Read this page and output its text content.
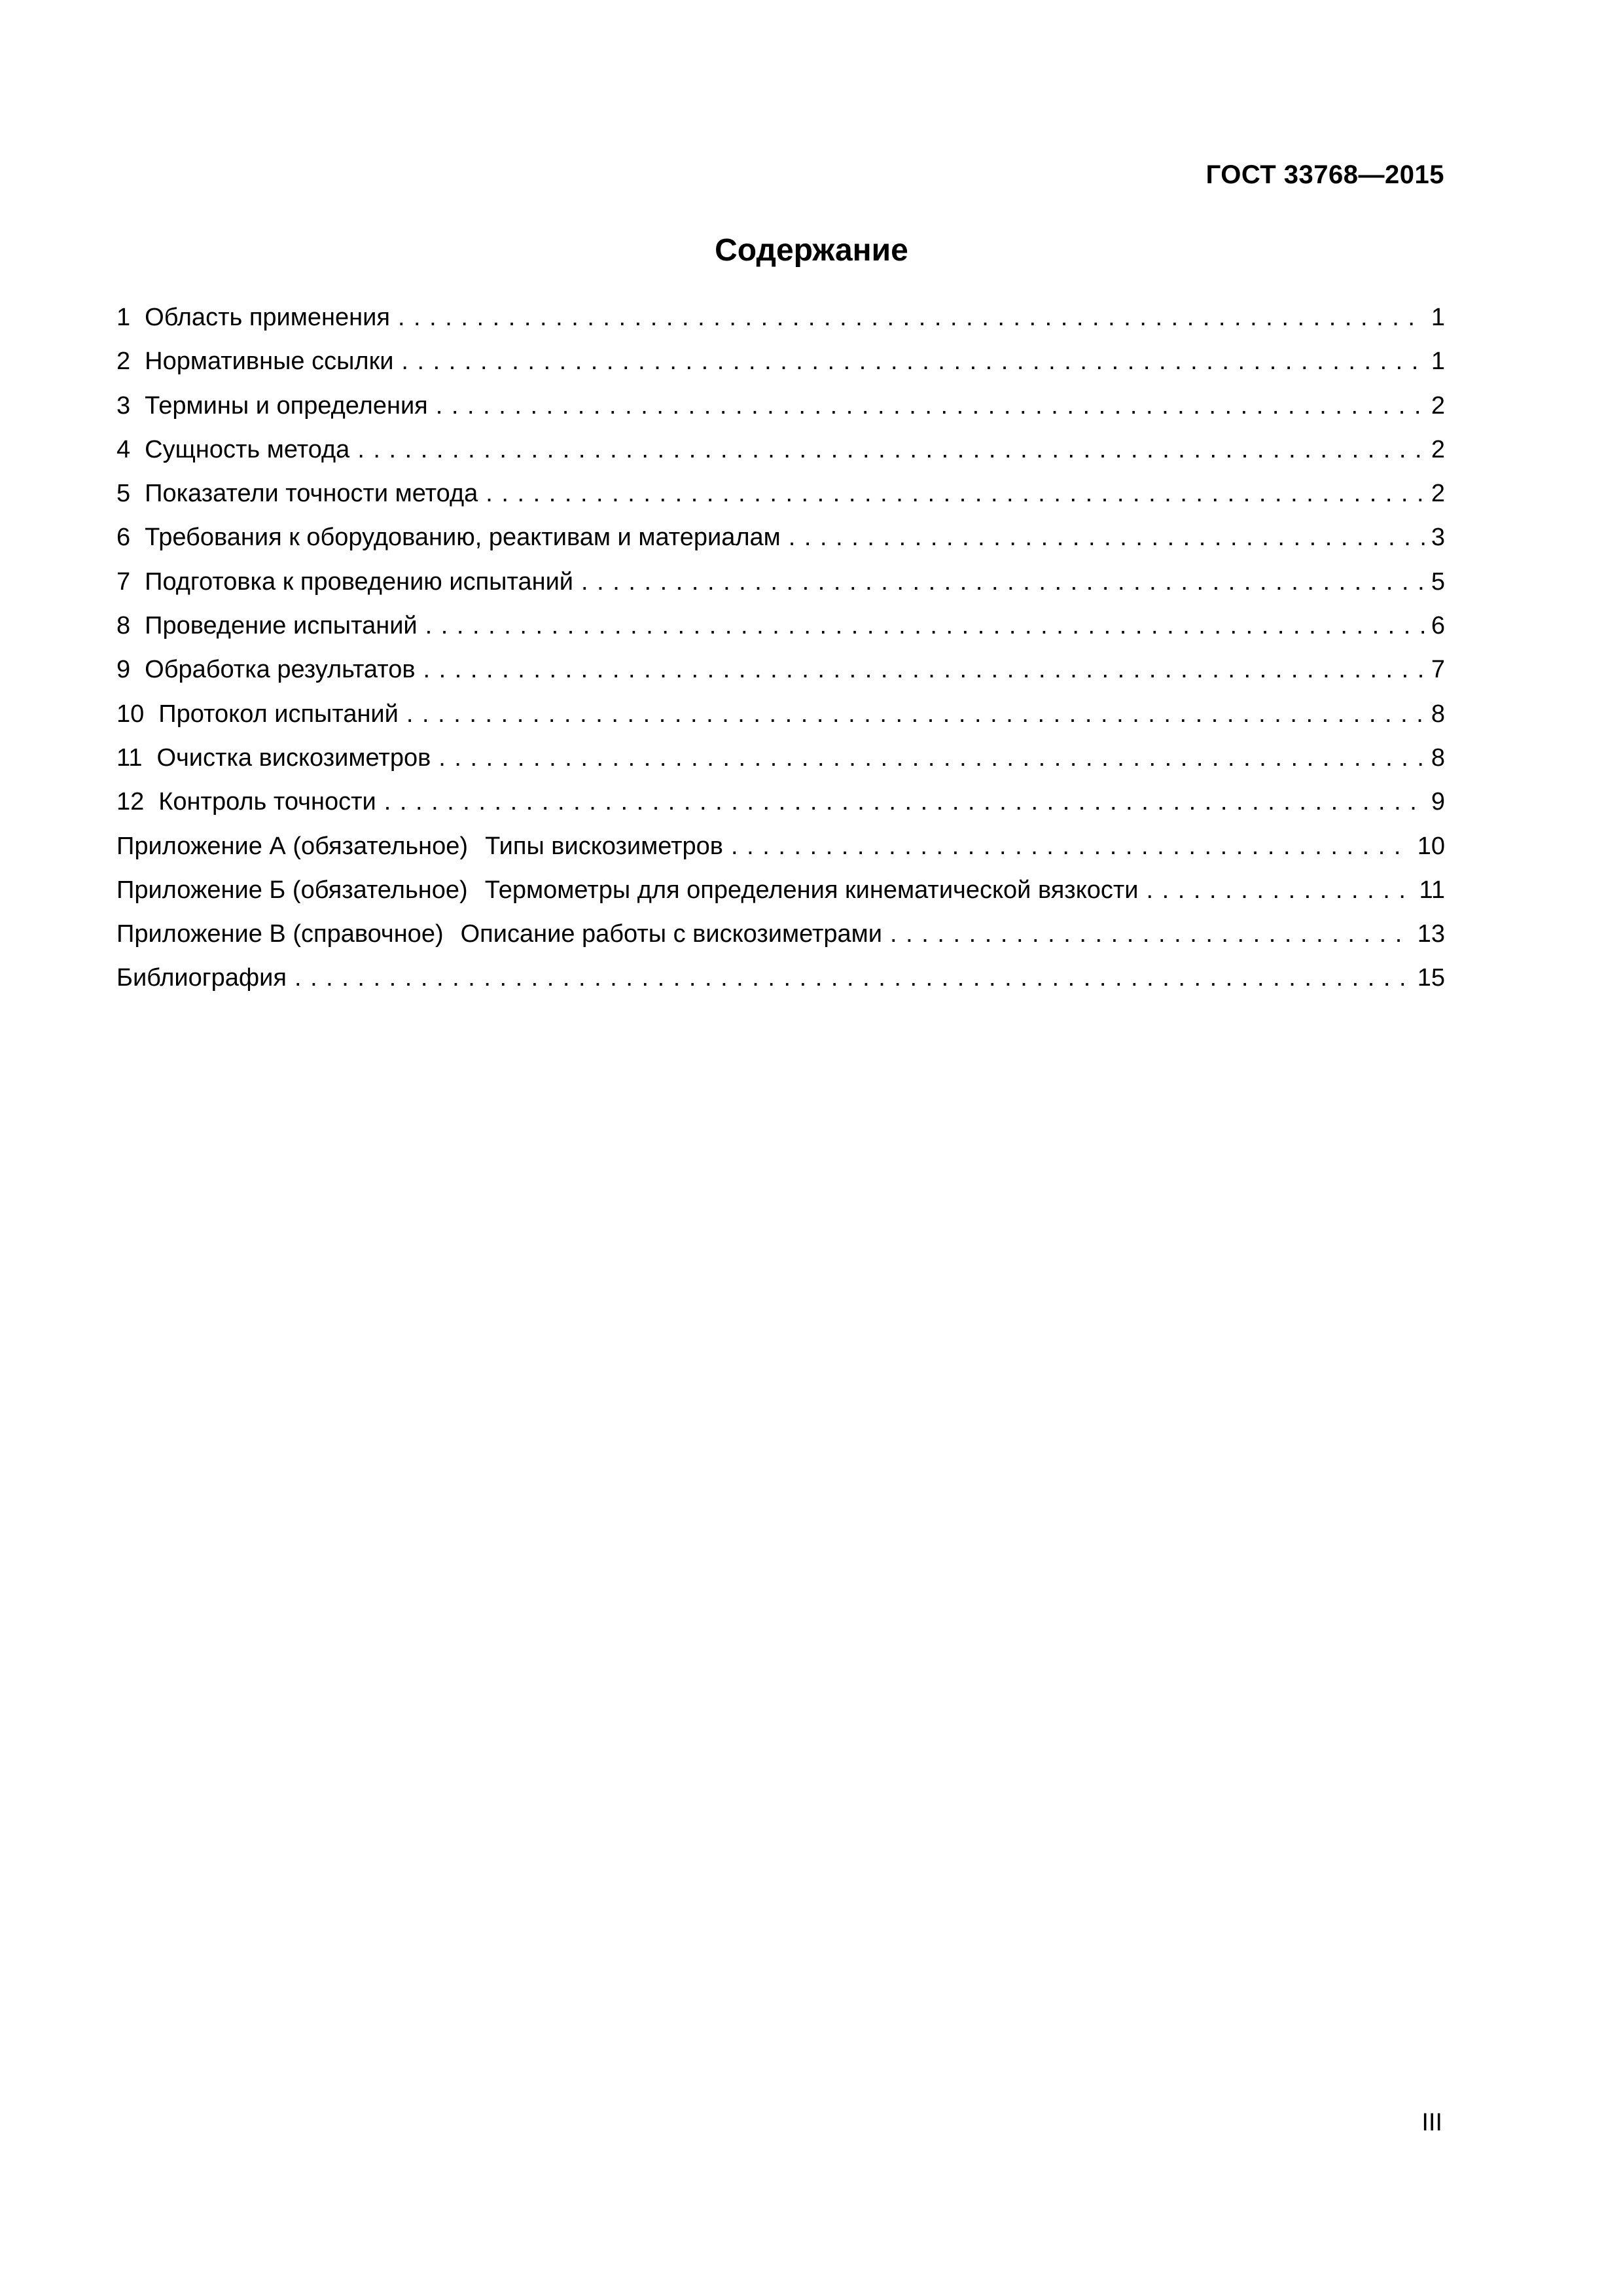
ГОСТ 33768—2015
Содержание
1 Область применения . . .	1
2 Нормативные ссылки . . .	1
3 Термины и определения . . .	2
4 Сущность метода . . .	2
5 Показатели точности метода . . .	2
6 Требования к оборудованию, реактивам и материалам . . .	3
7 Подготовка к проведению испытаний . . .	5
8 Проведение испытаний . . .	6
9 Обработка результатов . . .	7
10 Протокол испытаний . . .	8
11 Очистка вискозиметров . . .	8
12 Контроль точности . . .	9
Приложение А (обязательное) Типы вискозиметров . . .	10
Приложение Б (обязательное) Термометры для определения кинематической вязкости . . .	11
Приложение В (справочное) Описание работы с вискозиметрами . . .	13
Библиография . . .	15
III
